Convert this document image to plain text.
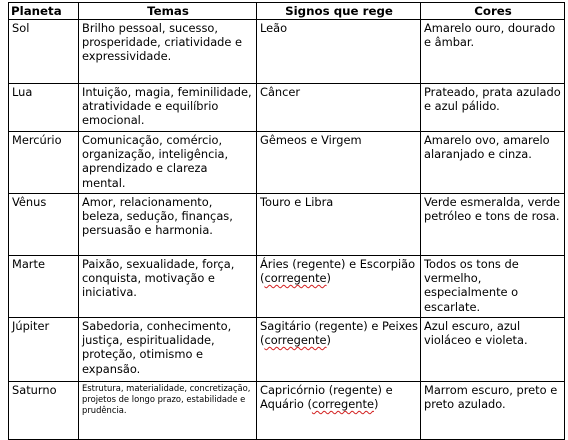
Planeta	Temas	Signos que rege	Cores
Sol	Brilho pessoal, sucesso, prosperidade, criatividade e expressividade.	Leão	Amarelo ouro, dourado e âmbar.
Lua	Intuição, magia, feminilidade, atratividade e equilíbrio emocional.	Câncer	Prateado, prata azulado e azul pálido.
Mercúrio	Comunicação, comércio, organização, inteligência, aprendizado e clareza mental.	Gêmeos e Virgem	Amarelo ovo, amarelo alaranjado e cinza.
Vênus	Amor, relacionamento, beleza, sedução, finanças, persuasão e harmonia.	Touro e Libra	Verde esmeralda, verde petróleo e tons de rosa.
Marte	Paixão, sexualidade, força, conquista, motivação e iniciativa.	Áries (regente) e Escorpião (corregente)	Todos os tons de vermelho, especialmente o escarlate.
Júpiter	Sabedoria, conhecimento, justiça, espiritualidade, proteção, otimismo e expansão.	Sagitário (regente) e Peixes (corregente)	Azul escuro, azul violáceo e violeta.
Saturno	Estrutura, materialidade, concretização, projetos de longo prazo, estabilidade e prudência.	Capricórnio (regente) e Aquário (corregente)	Marrom escuro, preto e preto azulado.
